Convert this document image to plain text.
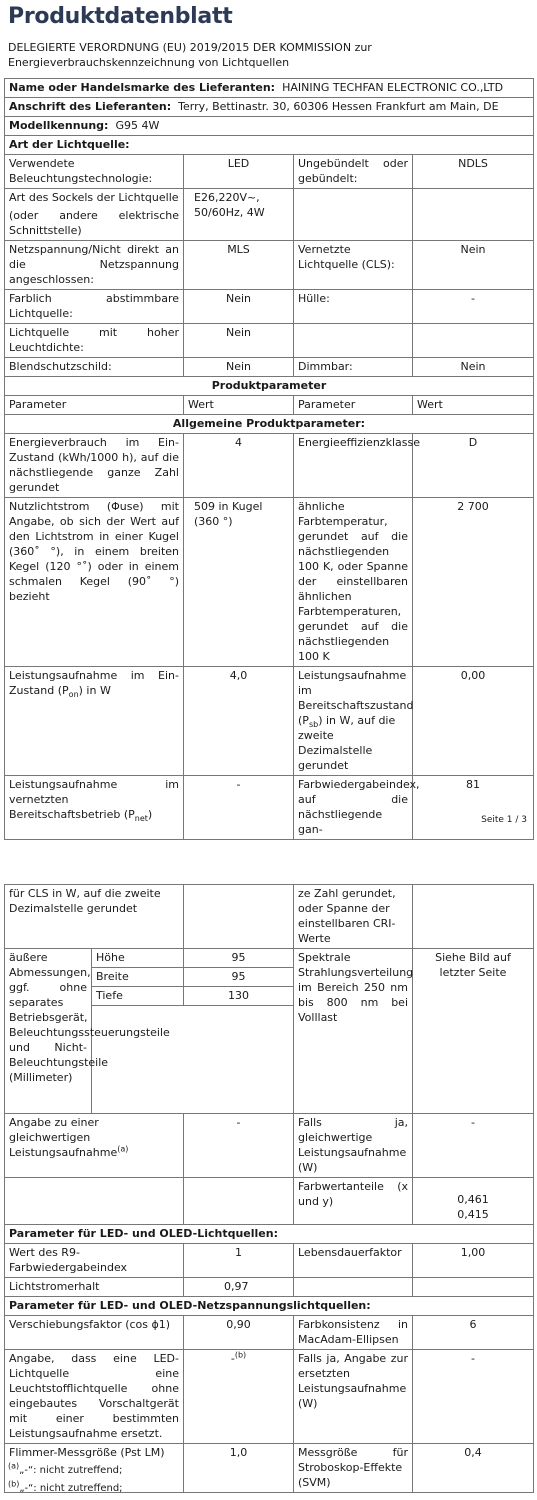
Produktdatenblatt
DELEGIERTE VERORDNUNG (EU) 2019/2015 DER KOMMISSION zur Energieverbrauchskennzeichnung von Lichtquellen
Name oder Handelsmarke des Lieferanten: HAINING TECHFAN ELECTRONIC CO.,LTD			
Anschrift des Lieferanten: Terry, Bettinastr. 30, 60306 Hessen Frankfurt am Main, DE			
Modellkennung: G95 4W			
Art der Lichtquelle:			
Verwendete Beleuchtungstechnologie:	LED	Ungebündelt oder gebündelt:	NDLS

Art des Sockels der Lichtquelle
(oder andere elektrische Schnittstelle)	E26,220V~, 50/60Hz, 4W		
Netzspannung/Nicht direkt an die Netzspannung angeschlossen:	MLS	Vernetzte Lichtquelle (CLS):	Nein
Farblich abstimmbare Lichtquelle:	Nein	Hülle:	-
Lichtquelle mit hoher Leuchtdichte:	Nein		
Blendschutzschild:	Nein	Dimmbar:	Nein
Produktparameter			
Parameter	Wert	Parameter	Wert
Allgemeine Produktparameter:			
Energieverbrauch im Ein-Zustand (kWh/1000 h), auf die nächstliegende ganze Zahl gerundet	4	Energieeffizienzklasse	D
Nutzlichtstrom (Φuse) mit Angabe, ob sich der Wert auf den Lichtstrom in einer Kugel (360˚ °), in einem breiten Kegel (120 °˚) oder in einem schmalen Kegel (90˚ °) bezieht	509 in Kugel (360 °)	ähnliche Farbtemperatur, gerundet auf die nächstliegenden 100 K, oder Spanne der einstellbaren ähnlichen Farbtemperaturen, gerundet auf die nächstliegenden 100 K	2 700
Leistungsaufnahme im Ein-Zustand $(P_{on})$ in W	4,0	Leistungsaufnahme im Bereitschaftszustand $(P_{sb})$ in W, auf die zweite Dezimalstelle gerundet	0,00
Leistungsaufnahme im vernetzten Bereitschaftsbetrieb $(P_{net})$	-	Farbwiedergabeindex, auf die nächstliegende gan-	81
Seite 1 / 3
für CLS in W, auf die zweite Dezimalstelle gerundet			ze Zahl gerundet, oder Spanne der einstellbaren CRI-Werte	
äußere Abmessungen, ggf. ohne separates Betriebsgerät, Beleuchtungssteuerungsteile und Nicht-Beleuchtungsteile (Millimeter)	Höhe	95	Spektrale Strahlungsverteilung im Bereich 250 nm bis 800 nm bei Volllast	Siehe Bild auf letzter Seite
	Breite	95		
	Tiefe	130		

Angabe zu einer gleichwertigen Leistungsaufnahme$^{(a)}$		-	Falls ja, gleichwertige Leistungsaufnahme (W)	-
			Farbwertanteile (x und y)	0,461
0,415

Parameter für LED- und OLED-Lichtquellen:				
Wert des R9-Farbwiedergabeindex		1	Lebensdauerfaktor	1,00
Lichtstromerhalt		0,97		
Parameter für LED- und OLED-Netzspannungslichtquellen:				
Verschiebungsfaktor (cos ϕ1)		0,90	Farbkonsistenz in MacAdam-Ellipsen	6
Angabe, dass eine LED-Lichtquelle eine Leuchtstofflichtquelle ohne eingebautes Vorschaltgerät mit einer bestimmten Leistungsaufnahme ersetzt.		-$^{(b)}$	Falls ja, Angabe zur ersetzten Leistungsaufnahme (W)	-
Flimmer-Messgröße (Pst LM)		1,0	Messgröße für Stroboskop-Effekte (SVM)	0,4
$^{(a)}$„-“: nicht zutreffend;
$^{(b)}$„-“: nicht zutreffend;
